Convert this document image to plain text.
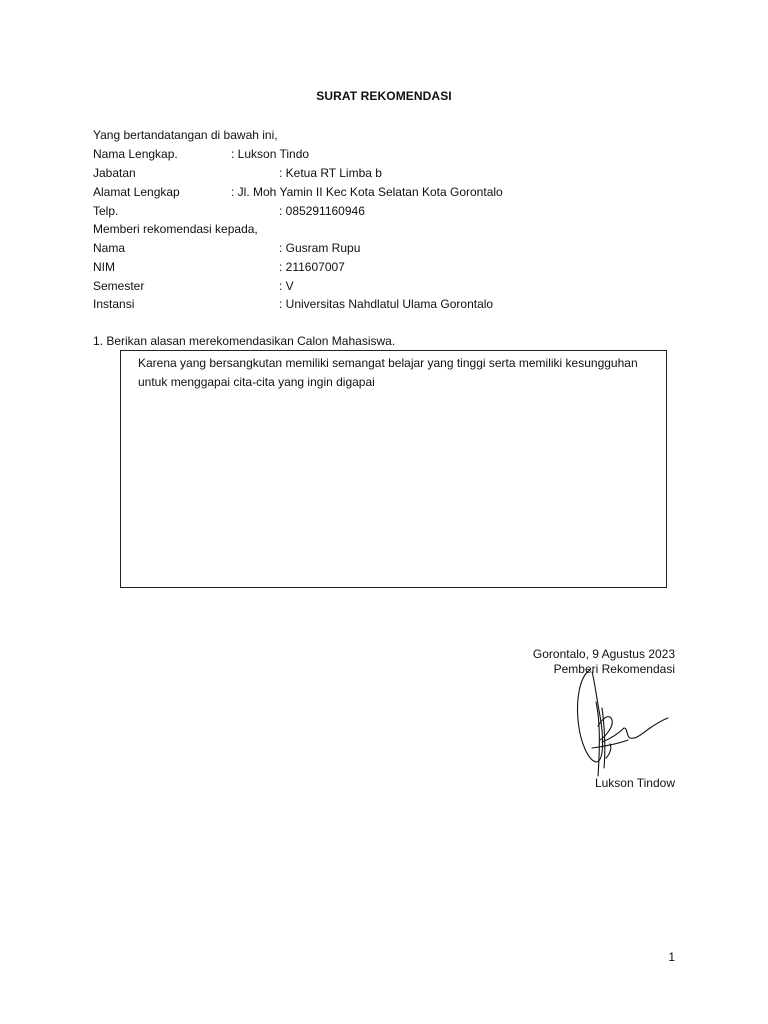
SURAT REKOMENDASI
Yang bertandatangan di bawah ini,
Nama Lengkap.	: Lukson Tindo
Jabatan	: Ketua RT Limba b
Alamat Lengkap	: Jl. Moh Yamin II Kec Kota Selatan Kota Gorontalo
Telp.	: 085291160946
Memberi rekomendasi kepada,
Nama	: Gusram Rupu
NIM	: 211607007
Semester	: V
Instansi	: Universitas Nahdlatul Ulama Gorontalo
1. Berikan alasan merekomendasikan Calon Mahasiswa.
Karena yang bersangkutan memiliki semangat belajar yang tinggi serta memiliki kesungguhan untuk menggapai cita-cita yang ingin digapai
Gorontalo, 9 Agustus 2023
Pemberi Rekomendasi
Lukson Tindow
1
